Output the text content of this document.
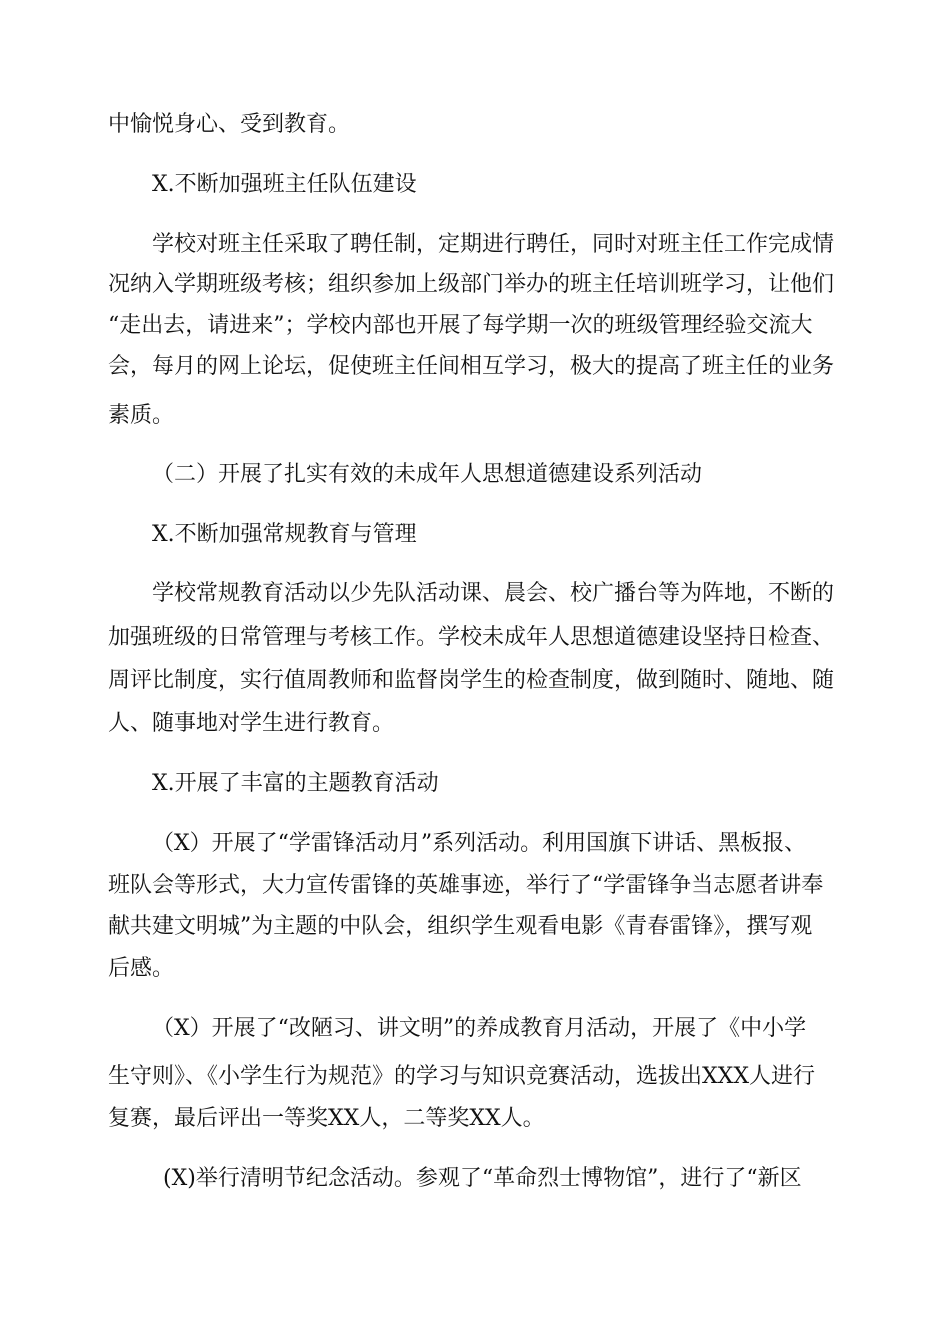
中愉悦身心、受到教育。
X.不断加强班主任队伍建设
学校对班主任采取了聘任制，定期进行聘任，同时对班主任工作完成情
况纳入学期班级考核；组织参加上级部门举办的班主任培训班学习，让他们
“走出去，请进来”；学校内部也开展了每学期一次的班级管理经验交流大
会，每月的网上论坛，促使班主任间相互学习，极大的提高了班主任的业务
素质。
（二）开展了扎实有效的未成年人思想道德建设系列活动
X.不断加强常规教育与管理
学校常规教育活动以少先队活动课、晨会、校广播台等为阵地，不断的
加强班级的日常管理与考核工作。学校未成年人思想道德建设坚持日检查、
周评比制度，实行值周教师和监督岗学生的检查制度，做到随时、随地、随
人、随事地对学生进行教育。
X.开展了丰富的主题教育活动
（X）开展了“学雷锋活动月”系列活动。利用国旗下讲话、黑板报、
班队会等形式，大力宣传雷锋的英雄事迹，举行了“学雷锋争当志愿者讲奉
献共建文明城”为主题的中队会，组织学生观看电影《青春雷锋》，撰写观
后感。
（X）开展了“改陋习、讲文明”的养成教育月活动，开展了《中小学
生守则》、《小学生行为规范》的学习与知识竞赛活动，选拔出XXX人进行
复赛，最后评出一等奖XX人，二等奖XX人。
(X)举行清明节纪念活动。参观了“革命烈士博物馆”，进行了“新区
